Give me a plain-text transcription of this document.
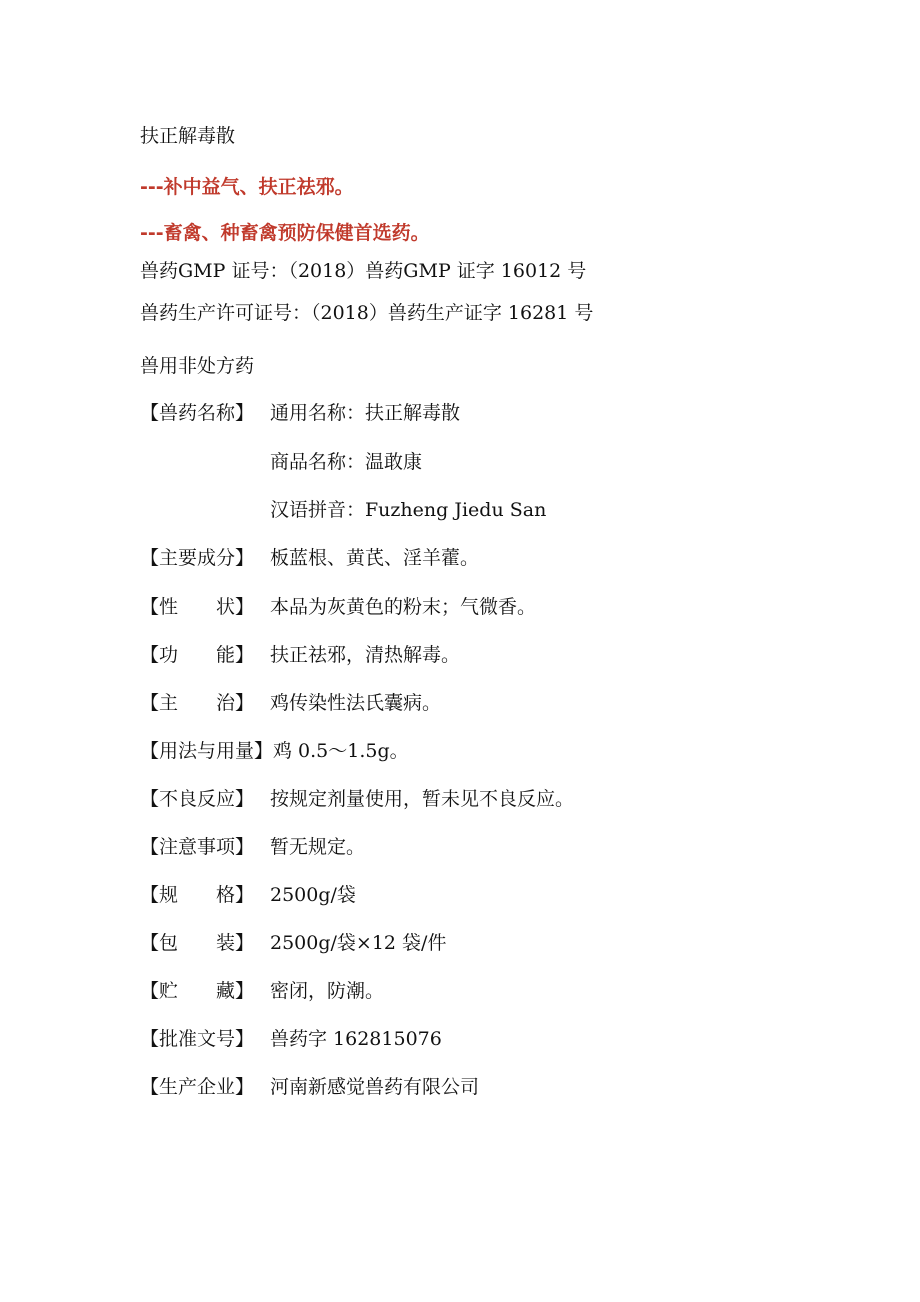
扶正解毒散
---补中益气、扶正祛邪。
---畜禽、种畜禽预防保健首选药。
兽药GMP 证号：（2018）兽药GMP 证字 16012 号
兽药生产许可证号：（2018）兽药生产证字 16281 号
兽用非处方药
【兽药名称】 通用名称：扶正解毒散
商品名称：温敢康
汉语拼音：Fuzheng Jiedu San
【主要成分】 板蓝根、黄芪、淫羊藿。
【性　　状】 本品为灰黄色的粉末；气微香。
【功　　能】 扶正祛邪，清热解毒。
【主　　治】 鸡传染性法氏囊病。
【用法与用量】鸡 0.5～1.5g。
【不良反应】 按规定剂量使用，暂未见不良反应。
【注意事项】 暂无规定。
【规　　格】 2500g/袋
【包　　装】 2500g/袋×12 袋/件
【贮　　藏】 密闭，防潮。
【批准文号】 兽药字 162815076
【生产企业】 河南新感觉兽药有限公司
